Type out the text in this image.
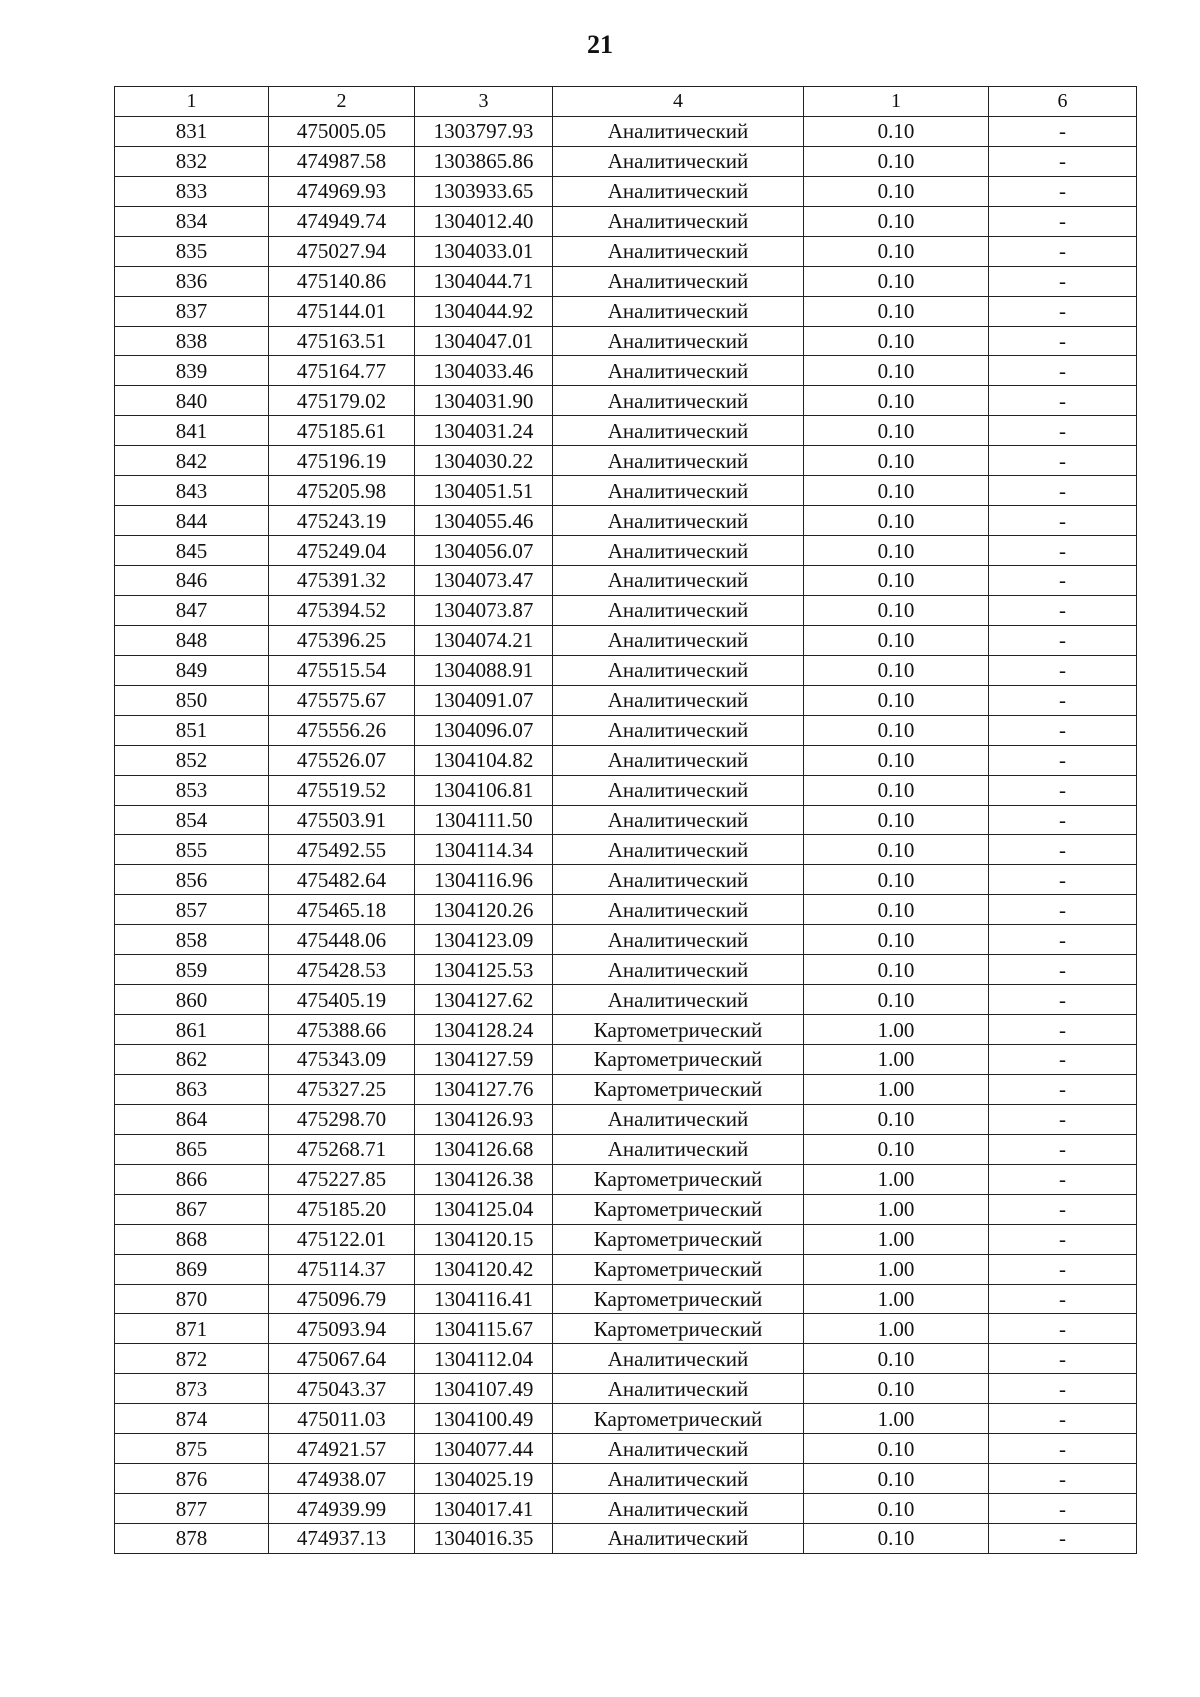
21
1	2	3	4	1	6
831	475005.05	1303797.93	Аналитический	0.10	-
832	474987.58	1303865.86	Аналитический	0.10	-
833	474969.93	1303933.65	Аналитический	0.10	-
834	474949.74	1304012.40	Аналитический	0.10	-
835	475027.94	1304033.01	Аналитический	0.10	-
836	475140.86	1304044.71	Аналитический	0.10	-
837	475144.01	1304044.92	Аналитический	0.10	-
838	475163.51	1304047.01	Аналитический	0.10	-
839	475164.77	1304033.46	Аналитический	0.10	-
840	475179.02	1304031.90	Аналитический	0.10	-
841	475185.61	1304031.24	Аналитический	0.10	-
842	475196.19	1304030.22	Аналитический	0.10	-
843	475205.98	1304051.51	Аналитический	0.10	-
844	475243.19	1304055.46	Аналитический	0.10	-
845	475249.04	1304056.07	Аналитический	0.10	-
846	475391.32	1304073.47	Аналитический	0.10	-
847	475394.52	1304073.87	Аналитический	0.10	-
848	475396.25	1304074.21	Аналитический	0.10	-
849	475515.54	1304088.91	Аналитический	0.10	-
850	475575.67	1304091.07	Аналитический	0.10	-
851	475556.26	1304096.07	Аналитический	0.10	-
852	475526.07	1304104.82	Аналитический	0.10	-
853	475519.52	1304106.81	Аналитический	0.10	-
854	475503.91	1304111.50	Аналитический	0.10	-
855	475492.55	1304114.34	Аналитический	0.10	-
856	475482.64	1304116.96	Аналитический	0.10	-
857	475465.18	1304120.26	Аналитический	0.10	-
858	475448.06	1304123.09	Аналитический	0.10	-
859	475428.53	1304125.53	Аналитический	0.10	-
860	475405.19	1304127.62	Аналитический	0.10	-
861	475388.66	1304128.24	Картометрический	1.00	-
862	475343.09	1304127.59	Картометрический	1.00	-
863	475327.25	1304127.76	Картометрический	1.00	-
864	475298.70	1304126.93	Аналитический	0.10	-
865	475268.71	1304126.68	Аналитический	0.10	-
866	475227.85	1304126.38	Картометрический	1.00	-
867	475185.20	1304125.04	Картометрический	1.00	-
868	475122.01	1304120.15	Картометрический	1.00	-
869	475114.37	1304120.42	Картометрический	1.00	-
870	475096.79	1304116.41	Картометрический	1.00	-
871	475093.94	1304115.67	Картометрический	1.00	-
872	475067.64	1304112.04	Аналитический	0.10	-
873	475043.37	1304107.49	Аналитический	0.10	-
874	475011.03	1304100.49	Картометрический	1.00	-
875	474921.57	1304077.44	Аналитический	0.10	-
876	474938.07	1304025.19	Аналитический	0.10	-
877	474939.99	1304017.41	Аналитический	0.10	-
878	474937.13	1304016.35	Аналитический	0.10	-
